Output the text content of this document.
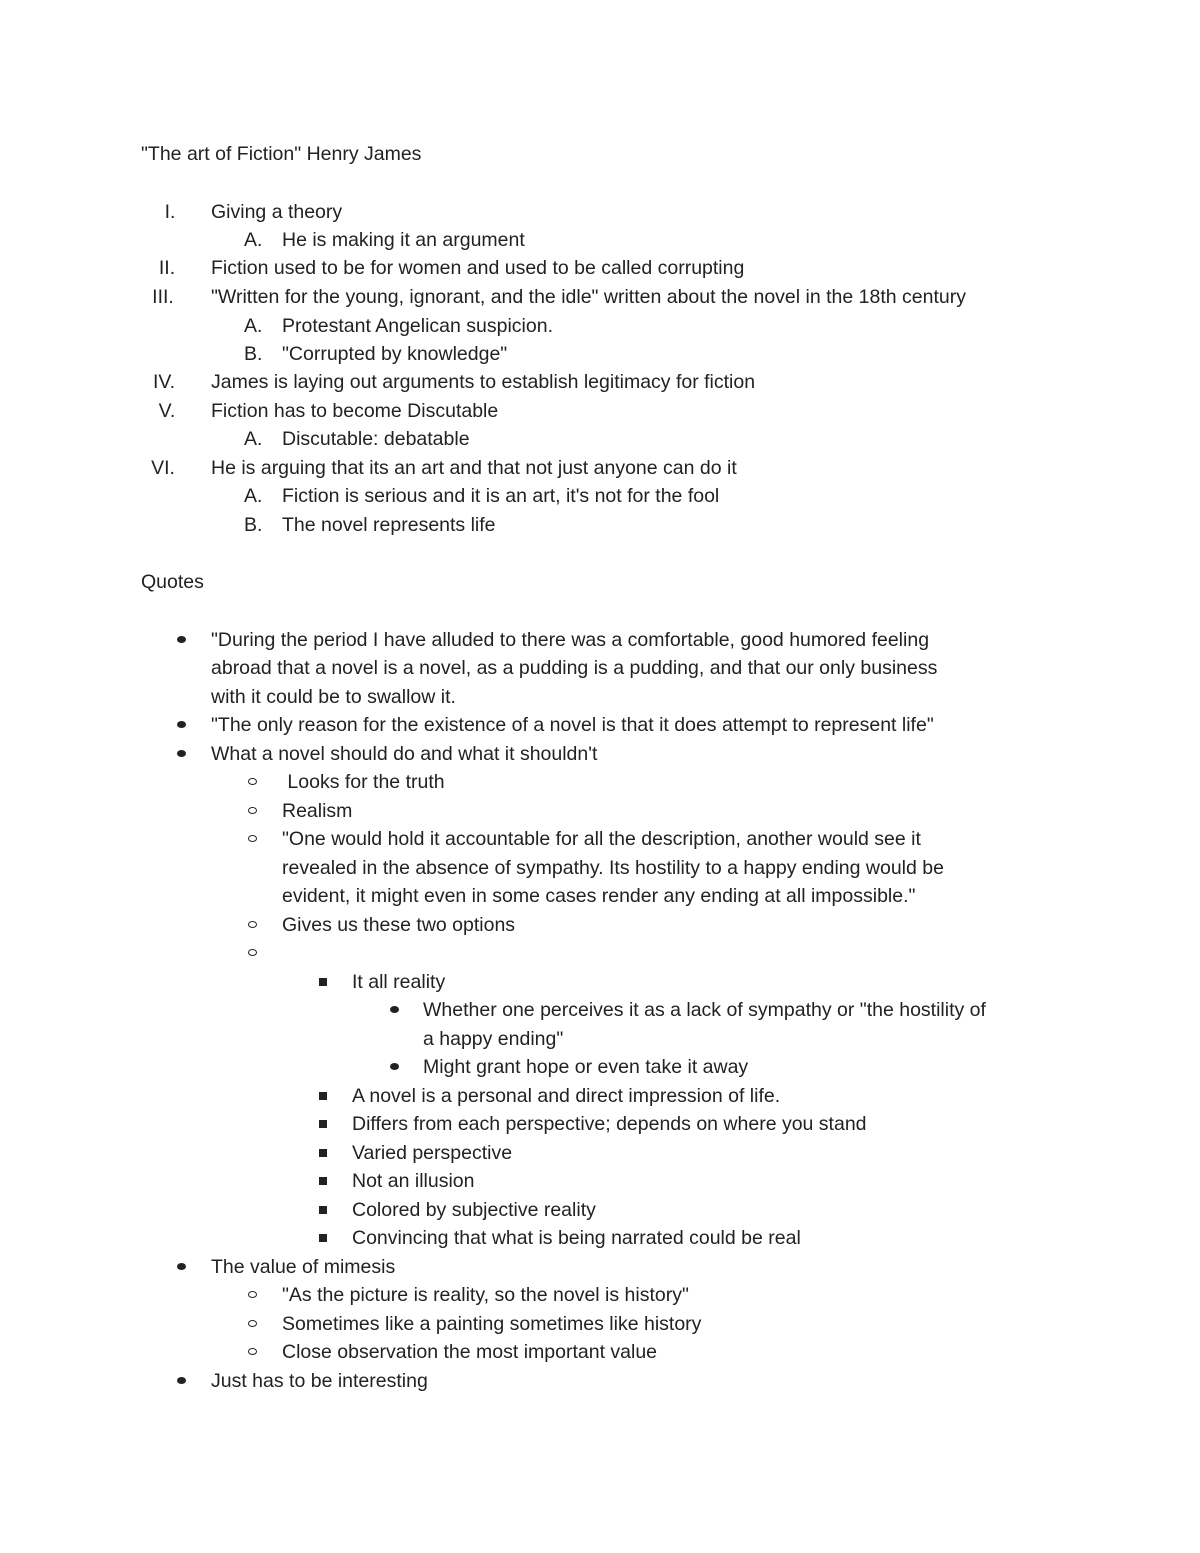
"The art of Fiction" Henry James
I.	Giving a theory
A. He is making it an argument
II.	Fiction used to be for women and used to be called corrupting
III.	"Written for the young, ignorant, and the idle" written about the novel in the 18th century
A. Protestant Angelican suspicion.
B. "Corrupted by knowledge"
IV.	James is laying out arguments to establish legitimacy for fiction
V.	Fiction has to become Discutable
A. Discutable: debatable
VI.	He is arguing that its an art and that not just anyone can do it
A. Fiction is serious and it is an art, it's not for the fool
B. The novel represents life
Quotes
"During the period I have alluded to there was a comfortable, good humored feeling
abroad that a novel is a novel, as a pudding is a pudding, and that our only business
with it could be to swallow it.
"The only reason for the existence of a novel is that it does attempt to represent life"
What a novel should do and what it shouldn't
Looks for the truth
Realism
"One would hold it accountable for all the description, another would see it
revealed in the absence of sympathy. Its hostility to a happy ending would be
evident, it might even in some cases render any ending at all impossible."
Gives us these two options
It all reality
Whether one perceives it as a lack of sympathy or "the hostility of
a happy ending"
Might grant hope or even take it away
A novel is a personal and direct impression of life.
Differs from each perspective; depends on where you stand
Varied perspective
Not an illusion
Colored by subjective reality
Convincing that what is being narrated could be real
The value of mimesis
"As the picture is reality, so the novel is history"
Sometimes like a painting sometimes like history
Close observation the most important value
Just has to be interesting
